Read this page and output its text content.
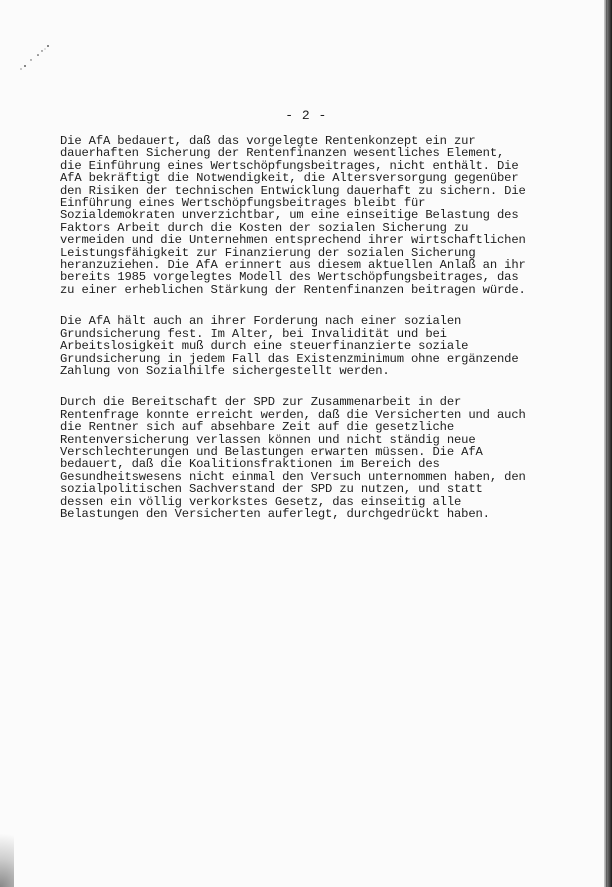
- 2 -
Die AfA bedauert, daß das vorgelegte Rentenkonzept ein zur
dauerhaften Sicherung der Rentenfinanzen wesentliches Element,
die Einführung eines Wertschöpfungsbeitrages, nicht enthält. Die
AfA bekräftigt die Notwendigkeit, die Altersversorgung gegenüber
den Risiken der technischen Entwicklung dauerhaft zu sichern. Die
Einführung eines Wertschöpfungsbeitrages bleibt für
Sozialdemokraten unverzichtbar, um eine einseitige Belastung des
Faktors Arbeit durch die Kosten der sozialen Sicherung zu
vermeiden und die Unternehmen entsprechend ihrer wirtschaftlichen
Leistungsfähigkeit zur Finanzierung der sozialen Sicherung
heranzuziehen. Die AfA erinnert aus diesem aktuellen Anlaß an ihr
bereits 1985 vorgelegtes Modell des Wertschöpfungsbeitrages, das
zu einer erheblichen Stärkung der Rentenfinanzen beitragen würde.
Die AfA hält auch an ihrer Forderung nach einer sozialen
Grundsicherung fest. Im Alter, bei Invalidität und bei
Arbeitslosigkeit muß durch eine steuerfinanzierte soziale
Grundsicherung in jedem Fall das Existenzminimum ohne ergänzende
Zahlung von Sozialhilfe sichergestellt werden.
Durch die Bereitschaft der SPD zur Zusammenarbeit in der
Rentenfrage konnte erreicht werden, daß die Versicherten und auch
die Rentner sich auf absehbare Zeit auf die gesetzliche
Rentenversicherung verlassen können und nicht ständig neue
Verschlechterungen und Belastungen erwarten müssen. Die AfA
bedauert, daß die Koalitionsfraktionen im Bereich des
Gesundheitswesens nicht einmal den Versuch unternommen haben, den
sozialpolitischen Sachverstand der SPD zu nutzen, und statt
dessen ein völlig verkorkstes Gesetz, das einseitig alle
Belastungen den Versicherten auferlegt, durchgedrückt haben.
